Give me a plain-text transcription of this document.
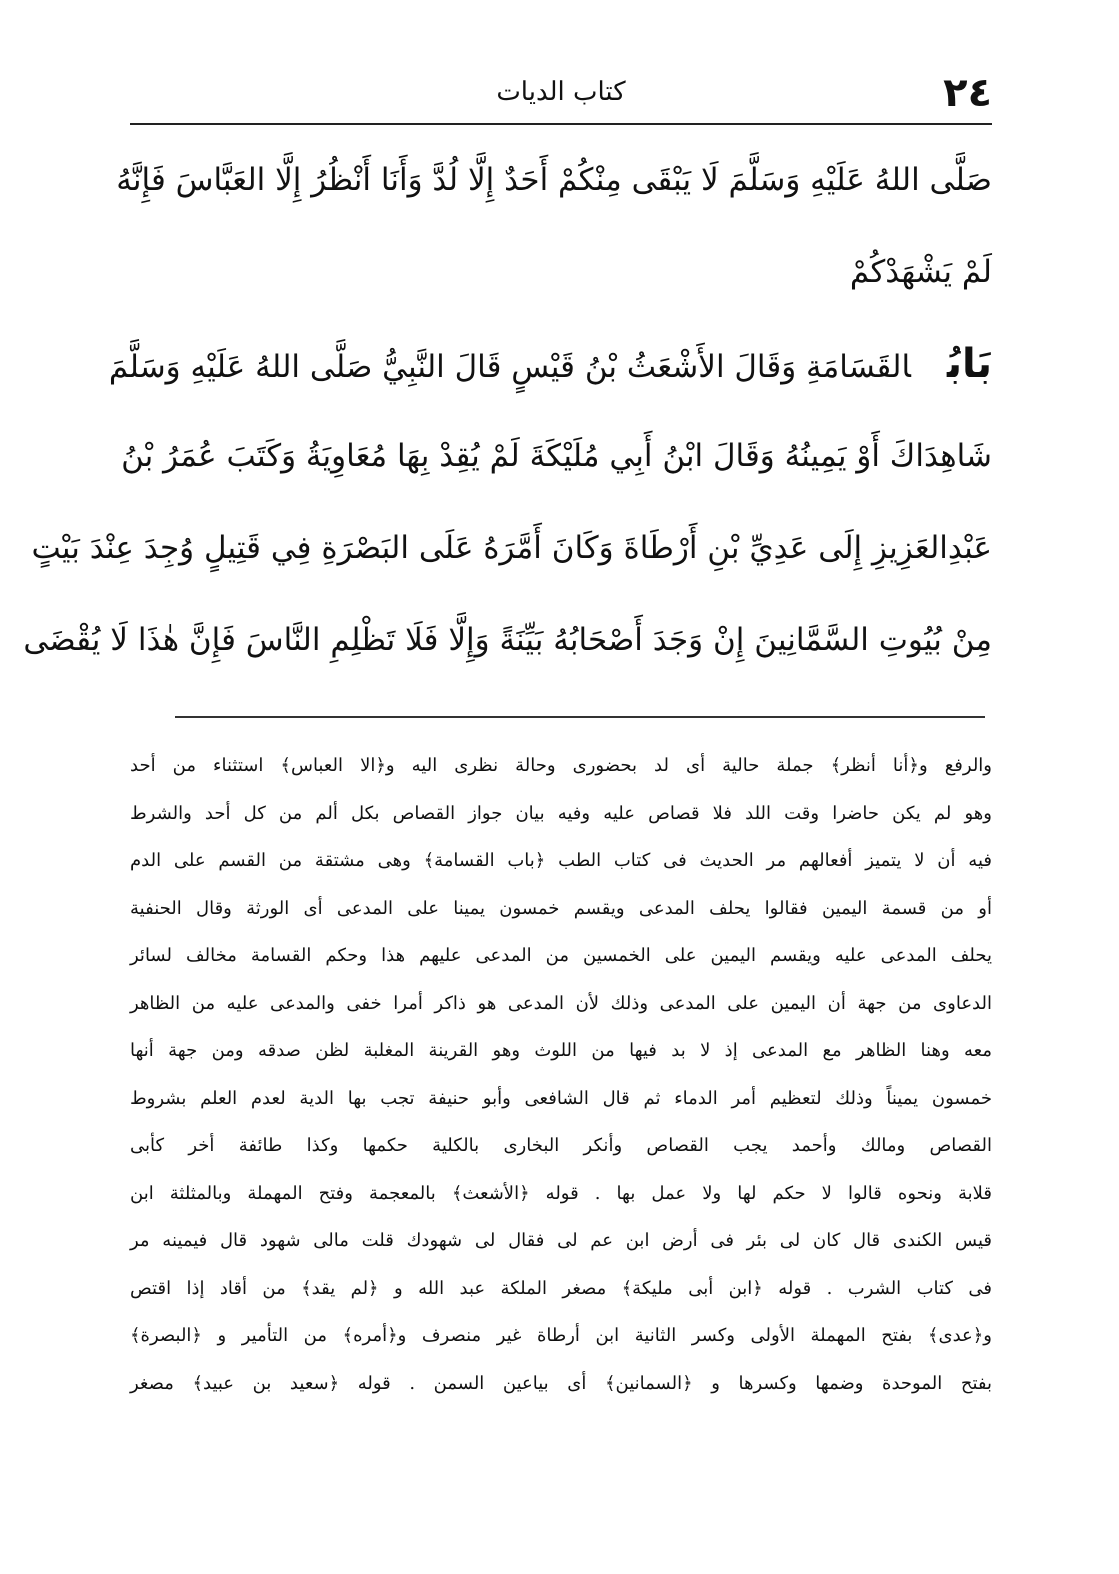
٢٤
كتاب الديات
صَلَّى اللهُ عَلَيْهِ وَسَلَّمَ لَا يَبْقَى مِنْكُمْ أَحَدٌ إِلَّا لُدَّ وَأَنَا أَنْظُرُ إِلَّا العَبَّاسَ فَإِنَّهُ
لَمْ يَشْهَدْكُمْ
بَابُالقَسَامَةِ وَقَالَ الأَشْعَثُ بْنُ قَيْسٍ قَالَ النَّبِيُّ صَلَّى اللهُ عَلَيْهِ وَسَلَّمَ
شَاهِدَاكَ أَوْ يَمِينُهُ وَقَالَ ابْنُ أَبِي مُلَيْكَةَ لَمْ يُقِدْ بِهَا مُعَاوِيَةُ وَكَتَبَ عُمَرُ بْنُ
عَبْدِالعَزِيزِ إِلَى عَدِيِّ بْنِ أَرْطَاةَ وَكَانَ أَمَّرَهُ عَلَى البَصْرَةِ فِي قَتِيلٍ وُجِدَ عِنْدَ بَيْتٍ
مِنْ بُيُوتِ السَّمَّانِينَ إِنْ وَجَدَ أَصْحَابُهُ بَيِّنَةً وَإِلَّا فَلَا تَظْلِمِ النَّاسَ فَإِنَّ هٰذَا لَا يُقْضَى
والرفع و﴿أنا أنظر﴾ جملة حالية أى لد بحضورى وحالة نظرى اليه و﴿الا العباس﴾ استثناء من أحد
وهو لم يكن حاضرا وقت اللد فلا قصاص عليه وفيه بيان جواز القصاص بكل ألم من كل أحد والشرط
فيه أن لا يتميز أفعالهم مر الحديث فى كتاب الطب ﴿باب القسامة﴾ وهى مشتقة من القسم على الدم
أو من قسمة اليمين فقالوا يحلف المدعى ويقسم خمسون يمينا على المدعى أى الورثة وقال الحنفية
يحلف المدعى عليه ويقسم اليمين على الخمسين من المدعى عليهم هذا وحكم القسامة مخالف لسائر
الدعاوى من جهة أن اليمين على المدعى وذلك لأن المدعى هو ذاكر أمرا خفى والمدعى عليه من الظاهر
معه وهنا الظاهر مع المدعى إذ لا بد فيها من اللوث وهو القرينة المغلبة لظن صدقه ومن جهة أنها
خمسون يميناً وذلك لتعظيم أمر الدماء ثم قال الشافعى وأبو حنيفة تجب بها الدية لعدم العلم بشروط
القصاص ومالك وأحمد يجب القصاص وأنكر البخارى بالكلية حكمها وكذا طائفة أخر كأبى
قلابة ونحوه قالوا لا حكم لها ولا عمل بها . قوله ﴿الأشعث﴾ بالمعجمة وفتح المهملة وبالمثلثة ابن
قيس الكندى قال كان لى بئر فى أرض ابن عم لى فقال لى شهودك قلت مالى شهود قال فيمينه مر
فى كتاب الشرب . قوله ﴿ابن أبى مليكة﴾ مصغر الملكة عبد الله و ﴿لم يقد﴾ من أقاد إذا اقتص
و﴿عدى﴾ بفتح المهملة الأولى وكسر الثانية ابن أرطاة غير منصرف و﴿أمره﴾ من التأمير و ﴿البصرة﴾
بفتح الموحدة وضمها وكسرها و ﴿السمانين﴾ أى بياعين السمن . قوله ﴿سعيد بن عبيد﴾ مصغر
